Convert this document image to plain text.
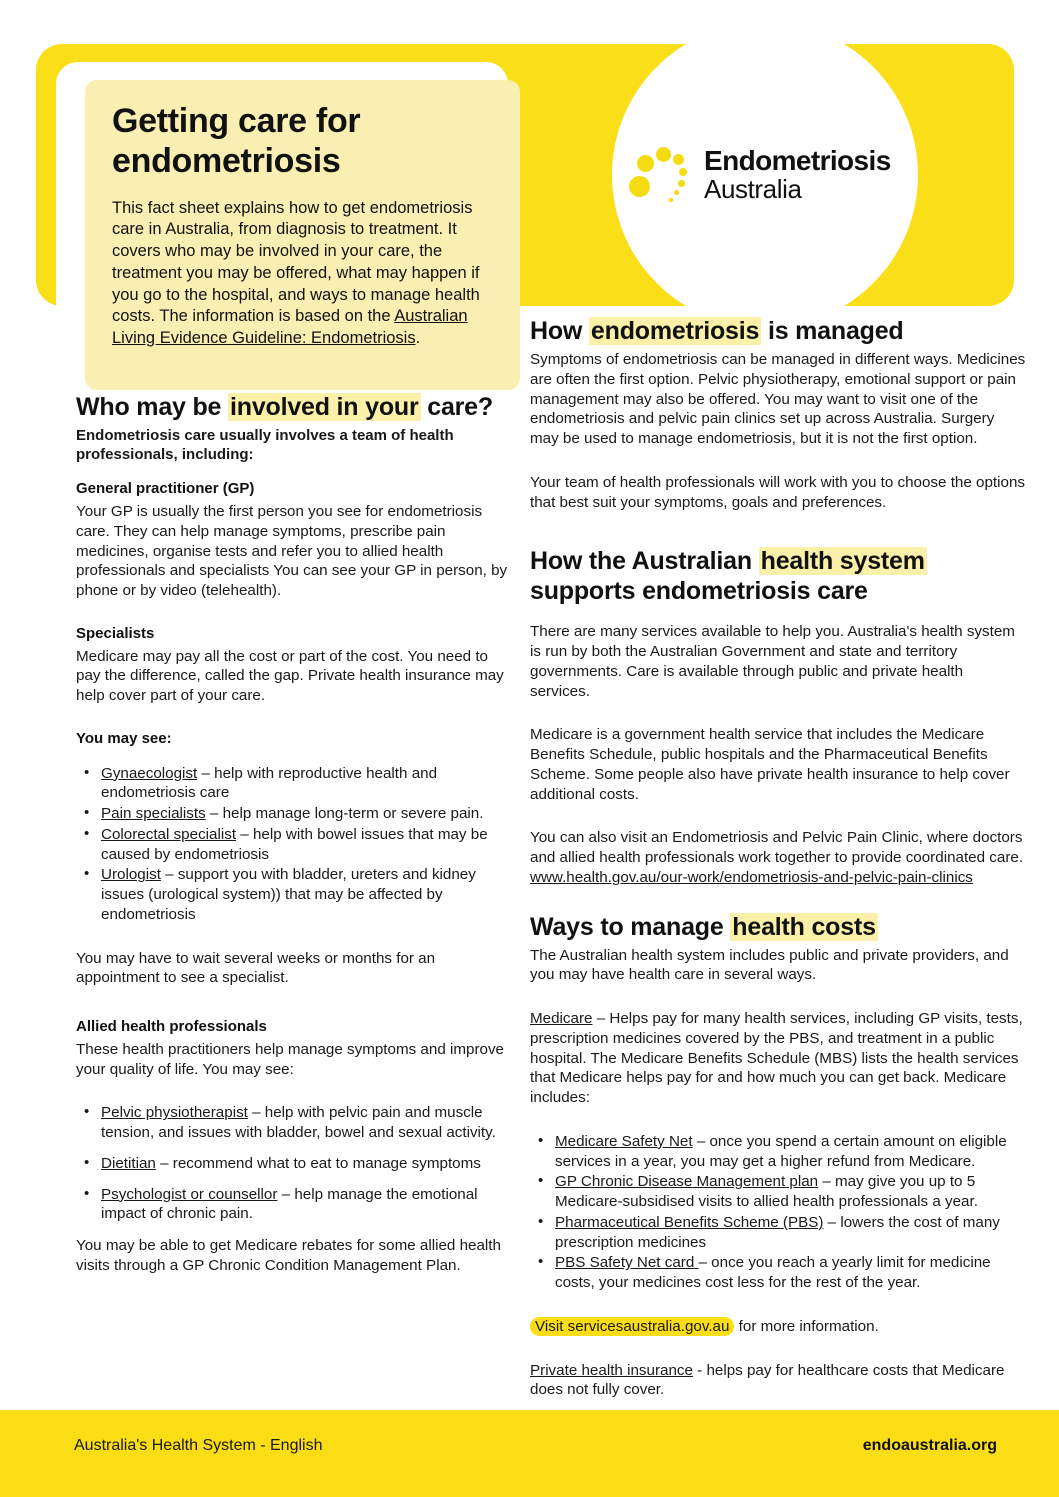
Getting care for endometriosis

This fact sheet explains how to get endometriosis care in Australia, from diagnosis to treatment. It covers who may be involved in your care, the treatment you may be offered, what may happen if you go to the hospital, and ways to manage health costs. The information is based on the Australian Living Evidence Guideline: Endometriosis.

Endometriosis
Australia
Who may be involved in your care?

Endometriosis care usually involves a team of health professionals, including:

General practitioner (GP)

Your GP is usually the first person you see for endometriosis care. They can help manage symptoms, prescribe pain medicines, organise tests and refer you to allied health professionals and specialists You can see your GP in person, by phone or by video (telehealth).

Specialists

Medicare may pay all the cost or part of the cost. You need to pay the difference, called the gap. Private health insurance may help cover part of your care.

You may see:
• Gynaecologist – help with reproductive health and endometriosis care
• Pain specialists – help manage long-term or severe pain.
• Colorectal specialist – help with bowel issues that may be caused by endometriosis
• Urologist – support you with bladder, ureters and kidney issues (urological system)) that may be affected by endometriosis

You may have to wait several weeks or months for an appointment to see a specialist.

Allied health professionals

These health practitioners help manage symptoms and improve your quality of life. You may see:

• Pelvic physiotherapist – help with pelvic pain and muscle tension, and issues with bladder, bowel and sexual activity.
• Dietitian – recommend what to eat to manage symptoms
• Psychologist or counsellor – help manage the emotional impact of chronic pain.

You may be able to get Medicare rebates for some allied health visits through a GP Chronic Condition Management Plan.

How endometriosis is managed

Symptoms of endometriosis can be managed in different ways. Medicines are often the first option. Pelvic physiotherapy, emotional support or pain management may also be offered. You may want to visit one of the endometriosis and pelvic pain clinics set up across Australia. Surgery may be used to manage endometriosis, but it is not the first option.

Your team of health professionals will work with you to choose the options that best suit your symptoms, goals and preferences.

How the Australian health system
supports endometriosis care

There are many services available to help you. Australia's health system is run by both the Australian Government and state and territory governments. Care is available through public and private health services.

Medicare is a government health service that includes the Medicare Benefits Schedule, public hospitals and the Pharmaceutical Benefits Scheme. Some people also have private health insurance to help cover additional costs.

You can also visit an Endometriosis and Pelvic Pain Clinic, where doctors and allied health professionals work together to provide coordinated care. www.health.gov.au/our-work/endometriosis-and-pelvic-pain-clinics

Ways to manage health costs

The Australian health system includes public and private providers, and you may have health care in several ways.

Medicare – Helps pay for many health services, including GP visits, tests, prescription medicines covered by the PBS, and treatment in a public hospital. The Medicare Benefits Schedule (MBS) lists the health services that Medicare helps pay for and how much you can get back. Medicare includes:

• Medicare Safety Net – once you spend a certain amount on eligible services in a year, you may get a higher refund from Medicare.
• GP Chronic Disease Management plan – may give you up to 5 Medicare-subsidised visits to allied health professionals a year.
• Pharmaceutical Benefits Scheme (PBS) – lowers the cost of many prescription medicines
• PBS Safety Net card – once you reach a yearly limit for medicine costs, your medicines cost less for the rest of the year.

Visit servicesaustralia.gov.au for more information.

Private health insurance - helps pay for healthcare costs that Medicare does not fully cover.

Australia's Health System - English	endoaustralia.org
